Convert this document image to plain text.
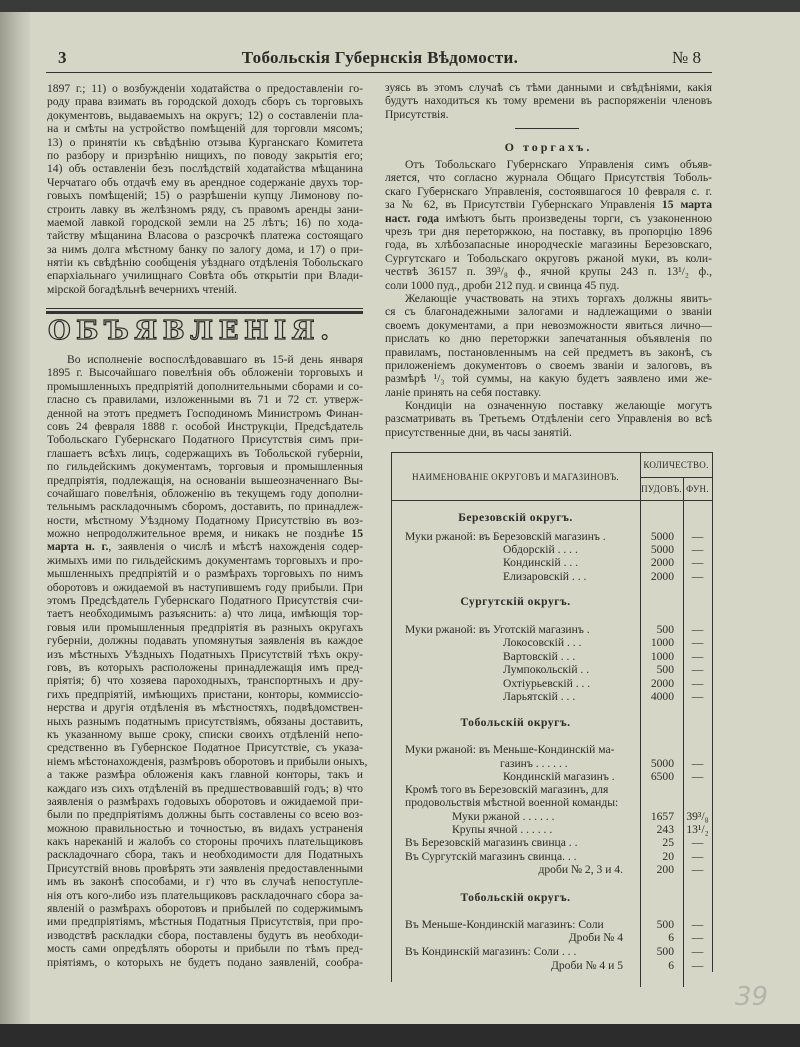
3	Тобольскія Губернскія Вѣдомости.	№ 8
1897 г.; 11) о возбужденіи ходатайства о предоставленіи го-
роду права взимать въ городской доходъ сборъ съ торговыхъ
документовъ, выдаваемыхъ на округъ; 12) о составленіи пла-
на и смѣты на устройство помѣщеній для торговли мясомъ;
13) о принятіи къ свѣдѣнію отзыва Курганскаго Комитета
по разбору и призрѣнію нищихъ, по поводу закрытія его;
14) объ оставленіи безъ послѣдствій ходатайства мѣщанина
Черчатаго объ отдачѣ ему въ арендное содержаніе двухъ тор-
говыхъ помѣщеній; 15) о разрѣшеніи купцу Лимонову по-
строить лавку въ желѣзномъ ряду, съ правомъ аренды зани-
маемой лавкой городской земли на 25 лѣтъ; 16) по хода-
тайству мѣщанина Власова о разсрочкѣ платежа состоящаго
за нимъ долга мѣстному банку по залогу дома, и 17) о при-
нятіи къ свѣдѣнію сообщенія уѣзднаго отдѣленія Тобольскаго
епархіальнаго училищнаго Совѣта объ открытіи при Влади-
мірской богадѣльнѣ вечернихъ чтеній.
ОБЪЯВЛЕНІЯ.
Во исполненіе воспослѣдовавшаго въ 15-й день января
1895 г. Высочайшаго повелѣнія объ обложеніи торговыхъ и
промышленныхъ предпріятій дополнительными сборами и со-
гласно съ правилами, изложенными въ 71 и 72 ст. утверж-
денной на этотъ предметъ Господиномъ Министромъ Финан-
совъ 24 февраля 1888 г. особой Инструкціи, Предсѣдатель
Тобольскаго Губернскаго Податного Присутствія симъ при-
глашаетъ всѣхъ лицъ, содержащихъ въ Тобольской губерніи,
по гильдейскимъ документамъ, торговыя и промышленныя
предпріятія, подлежащія, на основаніи вышеозначеннаго Вы-
сочайшаго повелѣнія, обложенію въ текущемъ году дополни-
тельнымъ раскладочнымъ сборомъ, доставить, по принадлеж-
ности, мѣстному Уѣздному Податному Присутствію въ воз-
можно непродолжительное время, и никакъ не позднѣе 15
марта н. г., заявленія о числѣ и мѣстѣ нахожденія содер-
жимыхъ ими по гильдейскимъ документамъ торговыхъ и про-
мышленныхъ предпріятій и о размѣрахъ торговыхъ по нимъ
оборотовъ и ожидаемой въ наступившемъ году прибыли. При
этомъ Предсѣдатель Губернскаго Податного Присутствія счи-
таетъ необходимымъ разъяснить: а) что лица, имѣющія тор-
говыя или промышленныя предпріятія въ разныхъ округахъ
губерніи, должны подавать упомянутыя заявленія въ каждое
изъ мѣстныхъ Уѣздныхъ Податныхъ Присутствій тѣхъ окру-
говъ, въ которыхъ расположены принадлежащія имъ пред-
пріятія; б) что хозяева пароходныхъ, транспортныхъ и дру-
гихъ предпріятій, имѣющихъ пристани, конторы, коммиссіо-
нерства и другія отдѣленія въ мѣстностяхъ, подвѣдомствен-
ныхъ разнымъ податнымъ присутствіямъ, обязаны доставить,
къ указанному выше сроку, списки своихъ отдѣленій непо-
средственно въ Губернское Податное Присутствіе, съ указа-
ніемъ мѣстонахожденія, размѣровъ оборотовъ и прибыли оныхъ,
а также размѣра обложенія какъ главной конторы, такъ и
каждаго изъ сихъ отдѣленій въ предшествовавшій годъ; в) что
заявленія о размѣрахъ годовыхъ оборотовъ и ожидаемой при-
были по предпріятіямъ должны быть составлены со всею воз-
можною правильностью и точностью, въ видахъ устраненія
какъ нареканій и жалобъ со стороны прочихъ плательщиковъ
раскладочнаго сбора, такъ и необходимости для Податныхъ
Присутствій вновь провѣрять эти заявленія предоставленными
имъ въ законѣ способами, и г) что въ случаѣ непоступле-
нія отъ кого-либо изъ плательщиковъ раскладочнаго сбора за-
явленій о размѣрахъ оборотовъ и прибылей по содержимымъ
ими предпріятіямъ, мѣстныя Податныя Присутствія, при про-
изводствѣ раскладки сбора, поставлены будутъ въ необходи-
мость сами опредѣлять обороты и прибыли по тѣмъ пред-
пріятіямъ, о которыхъ не будетъ подано заявленій, сообра-
зуясь въ этомъ случаѣ съ тѣми данными и свѣдѣніями, какія
будутъ находиться къ тому времени въ распоряженіи членовъ
Присутствія.
О торгахъ.
Отъ Тобольскаго Губернскаго Управленія симъ объяв-
ляется, что согласно журнала Общаго Присутствія Тоболь-
скаго Губернскаго Управленія, состоявшагося 10 февраля с. г.
за № 62, въ Присутствіи Губернскаго Управленія 15 марта
наст. года имѣютъ быть произведены торги, съ узаконенною
чрезъ три дня переторжкою, на поставку, въ пропорцію 1896
года, въ хлѣбозапасные инородческіе магазины Березовскаго,
Сургутскаго и Тобольскаго округовъ ржаной муки, въ коли-
чествѣ 36157 п. 39³/₈ ф., ячной крупы 243 п. 13¹/₂ ф.,
соли 1000 пуд., дроби 212 пуд. и свинца 45 пуд.
Желающіе участвовать на этихъ торгахъ должны явить-
ся съ благонадежными залогами и надлежащими о званіи
своемъ документами, а при невозможности явиться лично—
прислать ко дню переторжки запечатанныя объявленія по
правиламъ, постановленнымъ на сей предметъ въ законѣ, съ
приложеніемъ документовъ о своемъ званіи и залоговъ, въ
размѣрѣ ¹/₃ той суммы, на какую будетъ заявлено ими же-
ланіе принять на себя поставку.
Кондиціи на означенную поставку желающіе могутъ
разсматривать въ Третьемъ Отдѣленіи сего Управленія во всѣ
присутственные дни, въ часы занятій.
НАИМЕНОВАНІЕ ОКРУГОВЪ И МАГАЗИНОВЪ.
КОЛИЧЕСТВО.
ПУДОВЪ. ФУН.
Березовскій округъ.
Муки ржаной: въ Березовскій магазинъ .	5000	—
Обдорскій . . . .	5000	—
Кондинскій . . .	2000	—
Елизаровскій . . .	2000	—
Сургутскій округъ.
Муки ржаной: въ Уготскій магазинъ .	500	—
Локосовскій . . .	1000	—
Вартовскій . . .	1000	—
Лумпокольскій . .	500	—
Охтіурьевскій . . .	2000	—
Ларьятскій . . .	4000	—
Тобольскій округъ.
Муки ржаной: въ Меньше-Кондинскій ма-
газинъ . . . . . .	5000	—
Кондинскій магазинъ .	6500	—
Кромѣ того въ Березовскій магазинъ, для
продовольствія мѣстной военной команды:
Муки ржаной . . . . . .	1657 39³/₈
Крупы ячной . . . . . .	243 13¹/₂
Въ Березовскій магазинъ свинца . .	25	—
Въ Сургутскій магазинъ свинца. . .	20	—
дроби № 2, 3 и 4.	200	—
Тобольскій округъ.
Въ Меньше-Кондинскій магазинъ: Соли	500	—
Дроби № 4	6	—
Въ Кондинскій магазинъ: Соли . . .	500	—
Дроби № 4 и 5	6	—
39
